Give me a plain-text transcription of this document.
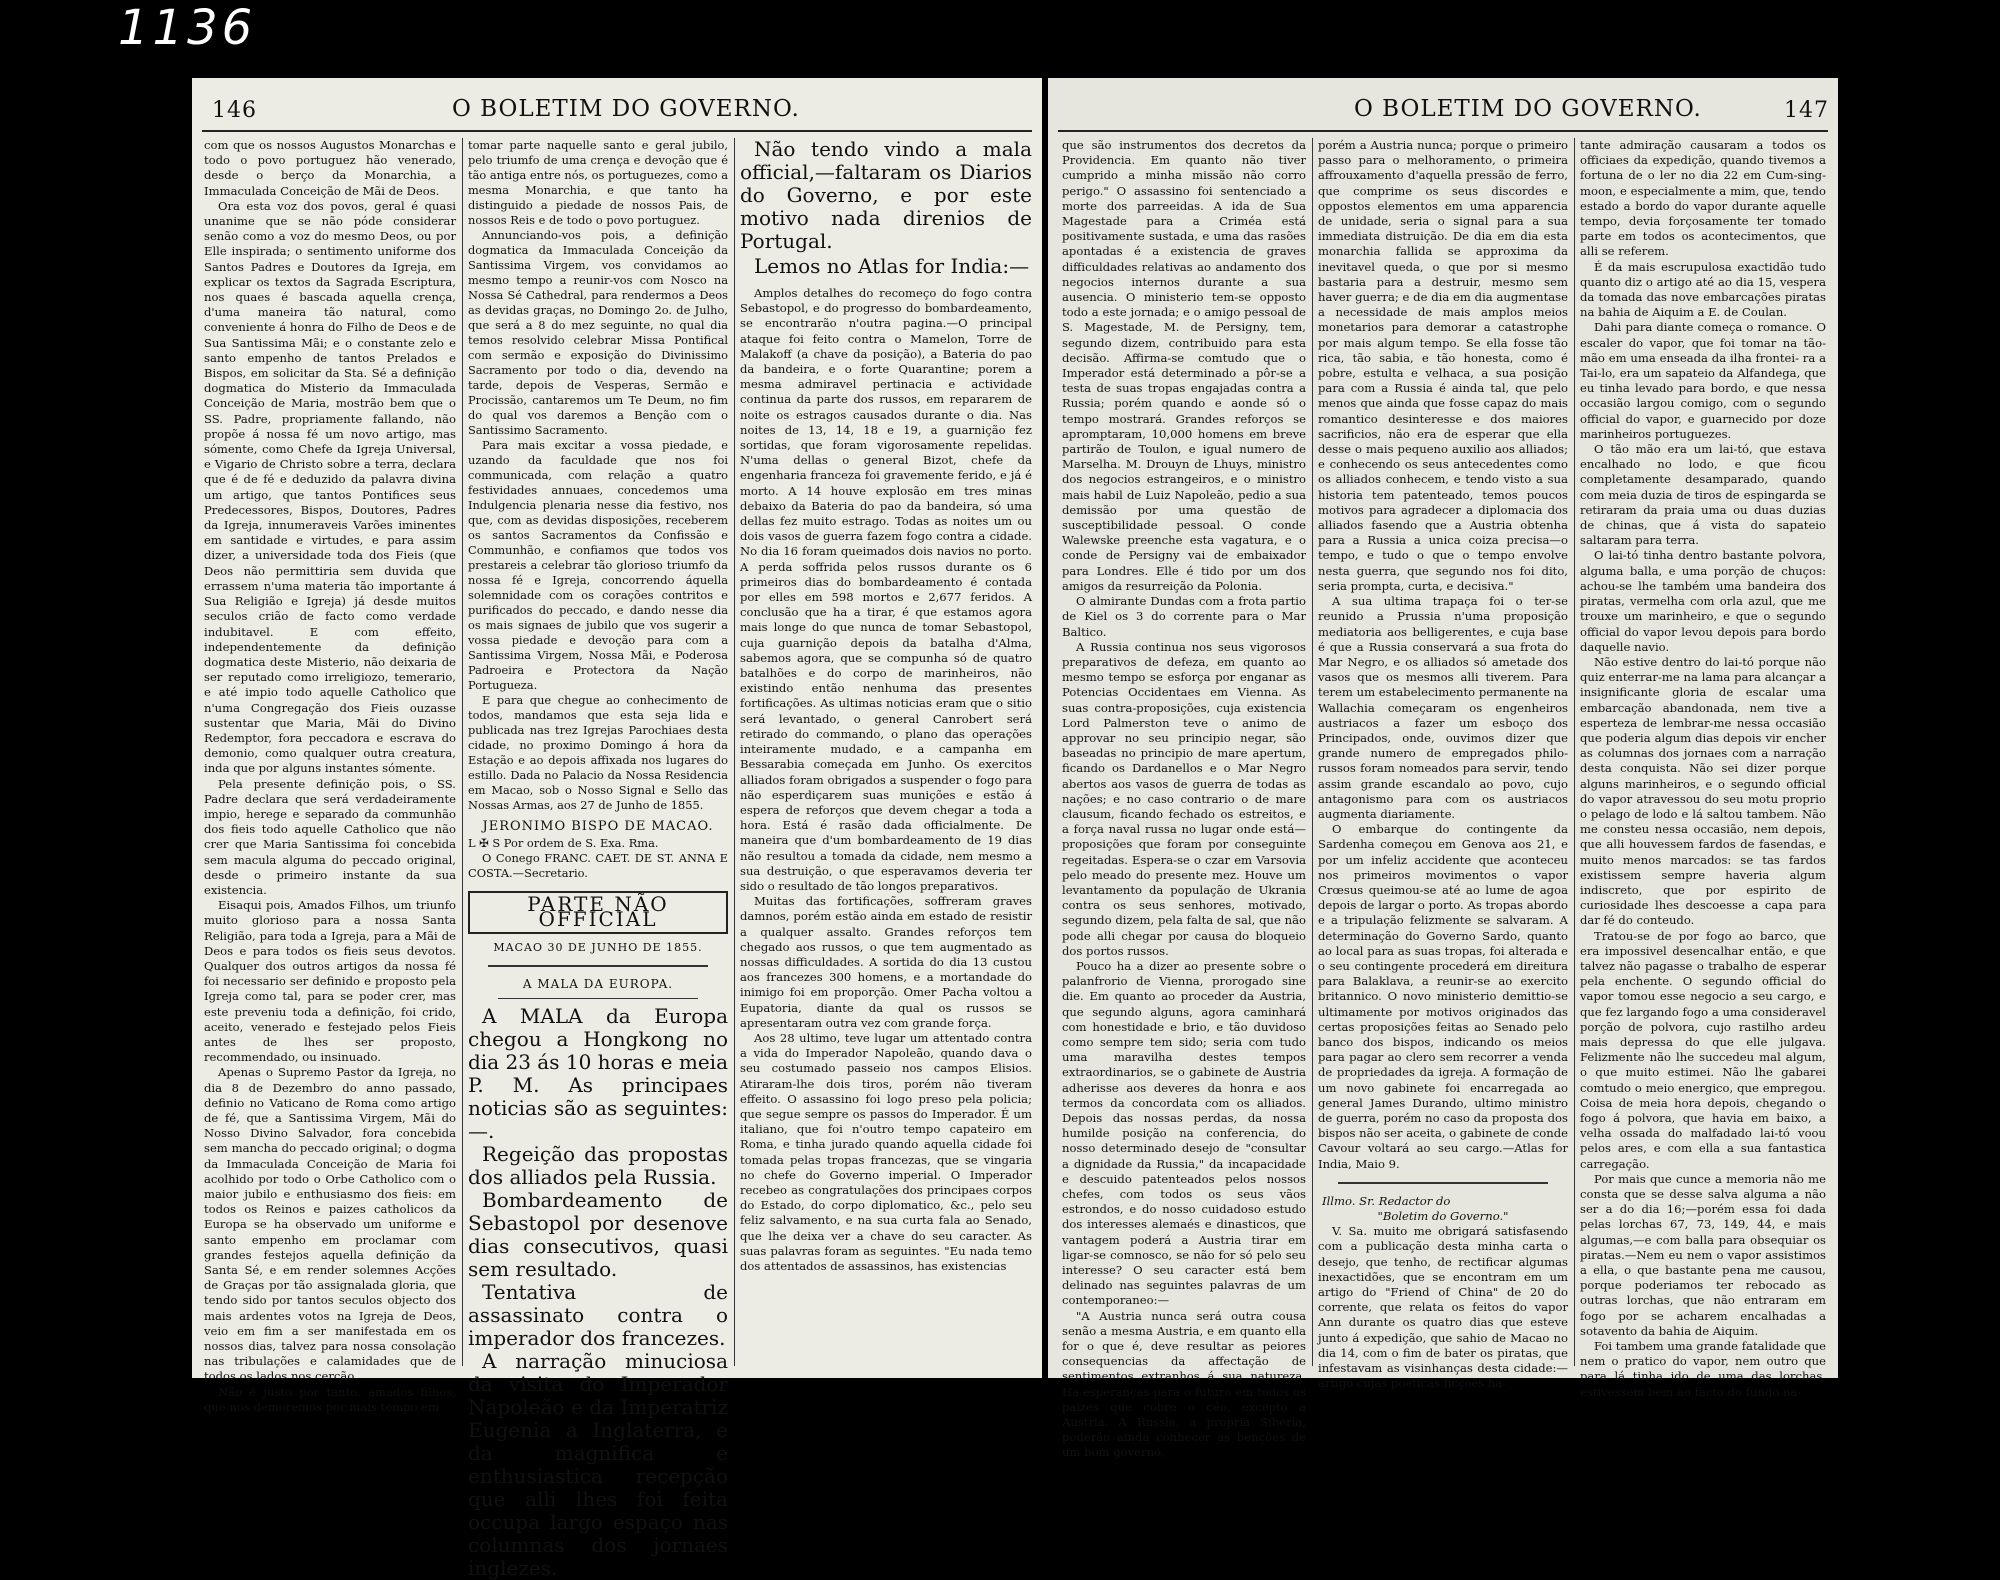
1136
146	O BOLETIM DO GOVERNO.

com que os nossos Augustos Monarchas e todo o povo portuguez hão venerado, desde o berço da Monarchia, a Immaculada Conceição de Mãi de Deos.

Ora esta voz dos povos, geral é quasi unanime que se não póde considerar senão como a voz do mesmo Deos, ou por Elle inspirada; o sentimento uniforme dos Santos Padres e Doutores da Igreja, em explicar os textos da Sagrada Escriptura, nos quaes é bascada aquella crença, d'uma maneira tão natural, como conveniente á honra do Filho de Deos e de Sua Santissima Mãi; e o constante zelo e santo empenho de tantos Prelados e Bispos, em solicitar da Sta. Sé a definição dogmatica do Misterio da Immaculada Conceição de Maria, mostrão bem que o SS. Padre, propriamente fallando, não propõe á nossa fé um novo artigo, mas sómente, como Chefe da Igreja Universal, e Vigario de Christo sobre a terra, declara que é de fé e deduzido da palavra divina um artigo, que tantos Pontifices seus Predecessores, Bispos, Doutores, Padres da Igreja, innumeraveis Varões iminentes em santidade e virtudes, e para assim dizer, a universidade toda dos Fieis (que Deos não permittiria sem duvida que errassem n'uma materia tão importante á Sua Religião e Igreja) já desde muitos seculos crião de facto como verdade indubitavel. E com effeito, independentemente da definição dogmatica deste Misterio, não deixaria de ser reputado como irreligiozo, temerario, e até impio todo aquelle Catholico que n'uma Congregação dos Fieis ouzasse sustentar que Maria, Mãi do Divino Redemptor, fora peccadora e escrava do demonio, como qualquer outra creatura, inda que por alguns instantes sómente.

Pela presente definição pois, o SS. Padre declara que será verdadeiramente impio, herege e separado da communhão dos fieis todo aquelle Catholico que não crer que Maria Santissima foi concebida sem macula alguma do peccado original, desde o primeiro instante da sua existencia.

Eisaqui pois, Amados Filhos, um triunfo muito glorioso para a nossa Santa Religião, para toda a Igreja, para a Mãi de Deos e para todos os fieis seus devotos. Qualquer dos outros artigos da nossa fé foi necessario ser definido e proposto pela Igreja como tal, para se poder crer, mas este preveniu toda a definição, foi crido, aceito, venerado e festejado pelos Fieis antes de lhes ser proposto, recommendado, ou insinuado.

Apenas o Supremo Pastor da Igreja, no dia 8 de Dezembro do anno passado, definio no Vaticano de Roma como artigo de fé, que a Santissima Virgem, Mãi do Nosso Divino Salvador, fora concebida sem mancha do peccado original; o dogma da Immaculada Conceição de Maria foi acolhido por todo o Orbe Catholico com o maior jubilo e enthusiasmo dos fieis: em todos os Reinos e paizes catholicos da Europa se ha observado um uniforme e santo empenho em proclamar com grandes festejos aquella definição da Santa Sé, e em render solemnes Acções de Graças por tão assignalada gloria, que tendo sido por tantos seculos objecto dos mais ardentes votos na Igreja de Deos, veio em fim a ser manifestada em os nossos dias, talvez para nossa consolação nas tribulações e calamidades que de todos os lados nos cercão.

Não é justo por tanto, amados filhos, que nos demoremos por mais tempo em

tomar parte naquelle santo e geral jubilo, pelo triumfo de uma crença e devoção que é tão antiga entre nós, os portuguezes, como a mesma Monarchia, e que tanto ha distinguido a piedade de nossos Pais, de nossos Reis e de todo o povo portuguez.

Annunciando-vos pois, a definição dogmatica da Immaculada Conceição da Santissima Virgem, vos convidamos ao mesmo tempo a reunir-vos com Nosco na Nossa Sé Cathedral, para rendermos a Deos as devidas graças, no Domingo 2o. de Julho, que será a 8 do mez seguinte, no qual dia temos resolvido celebrar Missa Pontifical com sermão e exposição do Divinissimo Sacramento por todo o dia, devendo na tarde, depois de Vesperas, Sermão e Procissão, cantaremos um Te Deum, no fim do qual vos daremos a Benção com o Santissimo Sacramento.

Para mais excitar a vossa piedade, e uzando da faculdade que nos foi communicada, com relação a quatro festividades annuaes, concedemos uma Indulgencia plenaria nesse dia festivo, nos que, com as devidas disposições, receberem os santos Sacramentos da Confissão e Communhão, e confiamos que todos vos prestareis a celebrar tão glorioso triumfo da nossa fé e Igreja, concorrendo áquella solemnidade com os corações contritos e purificados do peccado, e dando nesse dia os mais signaes de jubilo que vos sugerir a vossa piedade e devoção para com a Santissima Virgem, Nossa Mãi, e Poderosa Padroeira e Protectora da Nação Portugueza.

E para que chegue ao conhecimento de todos, mandamos que esta seja lida e publicada nas trez Igrejas Parochiaes desta cidade, no proximo Domingo á hora da Estação e ao depois affixada nos lugares do estillo. Dada no Palacio da Nossa Residencia em Macao, sob o Nosso Signal e Sello das Nossas Armas, aos 27 de Junho de 1855.

JERONIMO BISPO DE MACAO.
L ✠ S Por ordem de S. Exa. Rma.
O Conego FRANC. CAET. DE ST. ANNA E COSTA.—Secretario.
PARTE NÃO OFFICIAL
MACAO 30 DE JUNHO DE 1855.
A MALA DA EUROPA.

A MALA da Europa chegou a Hongkong no dia 23 ás 10 horas e meia P. M. As principaes noticias são as seguintes:—.

Regeição das propostas dos alliados pela Russia.

Bombardeamento de Sebastopol por desenove dias consecutivos, quasi sem resultado.

Tentativa de assassinato contra o imperador dos francezes.

A narração minuciosa da visita do Imperador Napoleão e da Imperatriz Eugenia a Inglaterra, e da magnifica e enthusiastica recepção que alli lhes foi feita occupa largo espaço nas columnas dos jornaes inglezes.

Não tendo vindo a mala official,—faltaram os Diarios do Governo, e por este motivo nada direnios de Portugal.

Lemos no Atlas for India:—

Amplos detalhes do recomeço do fogo contra Sebastopol, e do progresso do bombardeamento, se encontrarão n'outra pagina.—O principal ataque foi feito contra o Mamelon, Torre de Malakoff (a chave da posição), a Bateria do pao da bandeira, e o forte Quarantine; porem a mesma admiravel pertinacia e actividade continua da parte dos russos, em repararem de noite os estragos causados durante o dia. Nas noites de 13, 14, 18 e 19, a guarnição fez sortidas, que foram vigorosamente repelidas. N'uma dellas o general Bizot, chefe da engenharia franceza foi gravemente ferido, e já é morto. A 14 houve explosão em tres minas debaixo da Bateria do pao da bandeira, só uma dellas fez muito estrago. Todas as noites um ou dois vasos de guerra fazem fogo contra a cidade. No dia 16 foram queimados dois navios no porto. A perda soffrida pelos russos durante os 6 primeiros dias do bombardeamento é contada por elles em 598 mortos e 2,677 feridos. A conclusão que ha a tirar, é que estamos agora mais longe do que nunca de tomar Sebastopol, cuja guarnição depois da batalha d'Alma, sabemos agora, que se compunha só de quatro batalhões e do corpo de marinheiros, não existindo então nenhuma das presentes fortificações. As ultimas noticias eram que o sitio será levantado, o general Canrobert será retirado do commando, o plano das operações inteiramente mudado, e a campanha em Bessarabia começada em Junho. Os exercitos alliados foram obrigados a suspender o fogo para não esperdiçarem suas munições e estão á espera de reforços que devem chegar a toda a hora. Está é rasão dada officialmente. De maneira que d'um bombardeamento de 19 dias não resultou a tomada da cidade, nem mesmo a sua destruição, o que esperavamos deveria ter sido o resultado de tão longos preparativos.

Muitas das fortificações, soffreram graves damnos, porém estão ainda em estado de resistir a qualquer assalto. Grandes reforços tem chegado aos russos, o que tem augmentado as nossas difficuldades. A sortida do dia 13 custou aos francezes 300 homens, e a mortandade do inimigo foi em proporção. Omer Pacha voltou a Eupatoria, diante da qual os russos se apresentaram outra vez com grande força.

Aos 28 ultimo, teve lugar um attentado contra a vida do Imperador Napoleão, quando dava o seu costumado passeio nos campos Elisios. Atiraram-lhe dois tiros, porém não tiveram effeito. O assassino foi logo preso pela policia; que segue sempre os passos do Imperador. É um italiano, que foi n'outro tempo capateiro em Roma, e tinha jurado quando aquella cidade foi tomada pelas tropas francezas, que se vingaria no chefe do Governo imperial. O Imperador recebeo as congratulações dos principaes corpos do Estado, do corpo diplomatico, &c., pelo seu feliz salvamento, e na sua curta fala ao Senado, que lhe deixa ver a chave do seu caracter. As suas palavras foram as seguintes. "Eu nada temo dos attentados de assassinos, has existencias

O BOLETIM DO GOVERNO.	147

que são instrumentos dos decretos da Providencia. Em quanto não tiver cumprido a minha missão não corro perigo." O assassino foi sentenciado a morte dos parreeidas. A ida de Sua Magestade para a Criméa está positivamente sustada, e uma das rasões apontadas é a existencia de graves difficuldades relativas ao andamento dos negocios internos durante a sua ausencia. O ministerio tem-se opposto todo a este jornada; e o amigo pessoal de S. Magestade, M. de Persigny, tem, segundo dizem, contribuido para esta decisão. Affirma-se comtudo que o Imperador está determinado a pôr-se a testa de suas tropas engajadas contra a Russia; porém quando e aonde só o tempo mostrará. Grandes reforços se apromptaram, 10,000 homens em breve partirão de Toulon, e igual numero de Marselha. M. Drouyn de Lhuys, ministro dos negocios estrangeiros, e o ministro mais habil de Luiz Napoleão, pedio a sua demissão por uma questão de susceptibilidade pessoal. O conde Walewske preenche esta vagatura, e o conde de Persigny vai de embaixador para Londres. Elle é tido por um dos amigos da resurreição da Polonia.

O almirante Dundas com a frota partio de Kiel os 3 do corrente para o Mar Baltico.

A Russia continua nos seus vigorosos preparativos de defeza, em quanto ao mesmo tempo se esforça por enganar as Potencias Occidentaes em Vienna. As suas contra-proposições, cuja existencia Lord Palmerston teve o animo de approvar no seu principio negar, são baseadas no principio de mare apertum, ficando os Dardanellos e o Mar Negro abertos aos vasos de guerra de todas as nações; e no caso contrario o de mare clausum, ficando fechado os estreitos, e a força naval russa no lugar onde está—proposições que foram por conseguinte regeitadas. Espera-se o czar em Varsovia pelo meado do presente mez. Houve um levantamento da população de Ukrania contra os seus senhores, motivado, segundo dizem, pela falta de sal, que não pode alli chegar por causa do bloqueio dos portos russos.

Pouco ha a dizer ao presente sobre o palanfrorio de Vienna, prorogado sine die. Em quanto ao proceder da Austria, que segundo alguns, agora caminhará com honestidade e brio, e tão duvidoso como sempre tem sido; seria com tudo uma maravilha destes tempos extraordinarios, se o gabinete de Austria adherisse aos deveres da honra e aos termos da concordata com os alliados. Depois das nossas perdas, da nossa humilde posição na conferencia, do nosso determinado desejo de "consultar a dignidade da Russia," da incapacidade e descuido patenteados pelos nossos chefes, com todos os seus vãos estrondos, e do nosso cuidadoso estudo dos interesses alemaés e dinasticos, que vantagem poderá a Austria tirar em ligar-se comnosco, se não for só pelo seu interesse? O seu caracter está bem delinado nas seguintes palavras de um contemporaneo:—

"A Austria nunca será outra cousa senão a mesma Austria, e em quanto ella for o que é, deve resultar as peiores consequencias da affectação de sentimentos extranhos á sua natureza. Ha esperanças para o futuro em todos os paizes que cobre o céo, excepto a Austria. A Russia, a propria Siberia, poderão ainda conhecer as benções de um bom governo,

porém a Austria nunca; porque o primeiro passo para o melhoramento, o primeira affrouxamento d'aquella pressão de ferro, que comprime os seus discordes e oppostos elementos em uma apparencia de unidade, seria o signal para a sua immediata distruição. De dia em dia esta monarchia fallida se approxima da inevitavel queda, o que por si mesmo bastaria para a destruir, mesmo sem haver guerra; e de dia em dia augmentase a necessidade de mais amplos meios monetarios para demorar a catastrophe por mais algum tempo. Se ella fosse tão rica, tão sabia, e tão honesta, como é pobre, estulta e velhaca, a sua posição para com a Russia é ainda tal, que pelo menos que ainda que fosse capaz do mais romantico desinteresse e dos maiores sacrificios, não era de esperar que ella desse o mais pequeno auxilio aos alliados; e conhecendo os seus antecedentes como os alliados conhecem, e tendo visto a sua historia tem patenteado, temos poucos motivos para agradecer a diplomacia dos alliados fasendo que a Austria obtenha para a Russia a unica coiza precisa—o tempo, e tudo o que o tempo envolve nesta guerra, que segundo nos foi dito, seria prompta, curta, e decisiva."

A sua ultima trapaça foi o ter-se reunido a Prussia n'uma proposição mediatoria aos belligerentes, e cuja base é que a Russia conservará a sua frota do Mar Negro, e os alliados só ametade dos vasos que os mesmos alli tiverem. Para terem um estabelecimento permanente na Wallachia começaram os engenheiros austriacos a fazer um esboço dos Principados, onde, ouvimos dizer que grande numero de empregados philo-russos foram nomeados para servir, tendo assim grande escandalo ao povo, cujo antagonismo para com os austriacos augmenta diariamente.

O embarque do contingente da Sardenha começou em Genova aos 21, e por um infeliz accidente que aconteceu nos primeiros movimentos o vapor Crœsus queimou-se até ao lume de agoa depois de largar o porto. As tropas abordo e a tripulação felizmente se salvaram. A determinação do Governo Sardo, quanto ao local para as suas tropas, foi alterada e o seu contingente procederá em direitura para Balaklava, a reunir-se ao exercito britannico. O novo ministerio demittio-se ultimamente por motivos originados das certas proposições feitas ao Senado pelo banco dos bispos, indicando os meios para pagar ao clero sem recorrer a venda de propriedades da igreja. A formação de um novo gabinete foi encarregada ao general James Durando, ultimo ministro de guerra, porém no caso da proposta dos bispos não ser aceita, o gabinete de conde Cavour voltará ao seu cargo.—Atlas for India, Maio 9.

Illmo. Sr. Redactor do

"Boletim do Governo."

V. Sa. muito me obrigará satisfasendo com a publicação desta minha carta o desejo, que tenho, de rectificar algumas inexactidões, que se encontram em um artigo do "Friend of China" de 20 do corrente, que relata os feitos do vapor Ann durante os quatro dias que esteve junto á expedição, que sahio de Macao no dia 14, com o fim de bater os piratas, que infestavam as visinhanças desta cidade:—artigo cujas poeticas ficçoēs ha-

tante admiração causaram a todos os officiaes da expedição, quando tivemos a fortuna de o ler no dia 22 em Cum-sing-moon, e especialmente a mim, que, tendo estado a bordo do vapor durante aquelle tempo, devia forçosamente ter tomado parte em todos os acontecimentos, que alli se referem.

É da mais escrupulosa exactidão tudo quanto diz o artigo até ao dia 15, vespera da tomada das nove embarcações piratas na bahia de Aiquim a E. de Coulan.

Dahi para diante começa o romance. O escaler do vapor, que foi tomar na tão-mão em uma enseada da ilha frontei- ra a Tai-lo, era um sapateio da Alfandega, que eu tinha levado para bordo, e que nessa occasião largou comigo, com o segundo official do vapor, e guarnecido por doze marinheiros portuguezes.

O tão mão era um lai-tó, que estava encalhado no lodo, e que ficou completamente desamparado, quando com meia duzia de tiros de espingarda se retiraram da praia uma ou duas duzias de chinas, que á vista do sapateio saltaram para terra.

O lai-tó tinha dentro bastante polvora, alguma balla, e uma porção de chuços: achou-se lhe também uma bandeira dos piratas, vermelha com orla azul, que me trouxe um marinheiro, e que o segundo official do vapor levou depois para bordo daquelle navio.

Não estive dentro do lai-tó porque não quiz enterrar-me na lama para alcançar a insignificante gloria de escalar uma embarcação abandonada, nem tive a esperteza de lembrar-me nessa occasião que poderia algum dias depois vir encher as columnas dos jornaes com a narração desta conquista. Não sei dizer porque alguns marinheiros, e o segundo official do vapor atravessou do seu motu proprio o pelago de lodo e lá saltou tambem. Não me consteu nessa occasião, nem depois, que alli houvessem fardos de fasendas, e muito menos marcados: se tas fardos existissem sempre haveria algum indiscreto, que por espirito de curiosidade lhes descoesse a capa para dar fé do conteudo.

Tratou-se de por fogo ao barco, que era impossivel desencalhar então, e que talvez não pagasse o trabalho de esperar pela enchente. O segundo official do vapor tomou esse negocio a seu cargo, e que fez largando fogo a uma consideravel porção de polvora, cujo rastilho ardeu mais depressa do que elle julgava. Felizmente não lhe succedeu mal algum, o que muito estimei. Não lhe gabarei comtudo o meio energico, que empregou. Coisa de meia hora depois, chegando o fogo á polvora, que havia em baixo, a velha ossada do malfadado lai-tó voou pelos ares, e com ella a sua fantastica carregação.

Por mais que cunce a memoria não me consta que se desse salva alguma a não ser a do dia 16;—porém essa foi dada pelas lorchas 67, 73, 149, 44, e mais algumas,—e com balla para obsequiar os piratas.—Nem eu nem o vapor assistimos a ella, o que bastante pena me causou, porque poderiamos ter rebocado as outras lorchas, que não entraram em fogo por se acharem encalhadas a sotavento da bahia de Aiquim.

Foi tambem uma grande fatalidade que nem o pratico do vapor, nem outro que para lá tinha ido de uma das lorchas, estivessem bem ao facto do fundo na-
